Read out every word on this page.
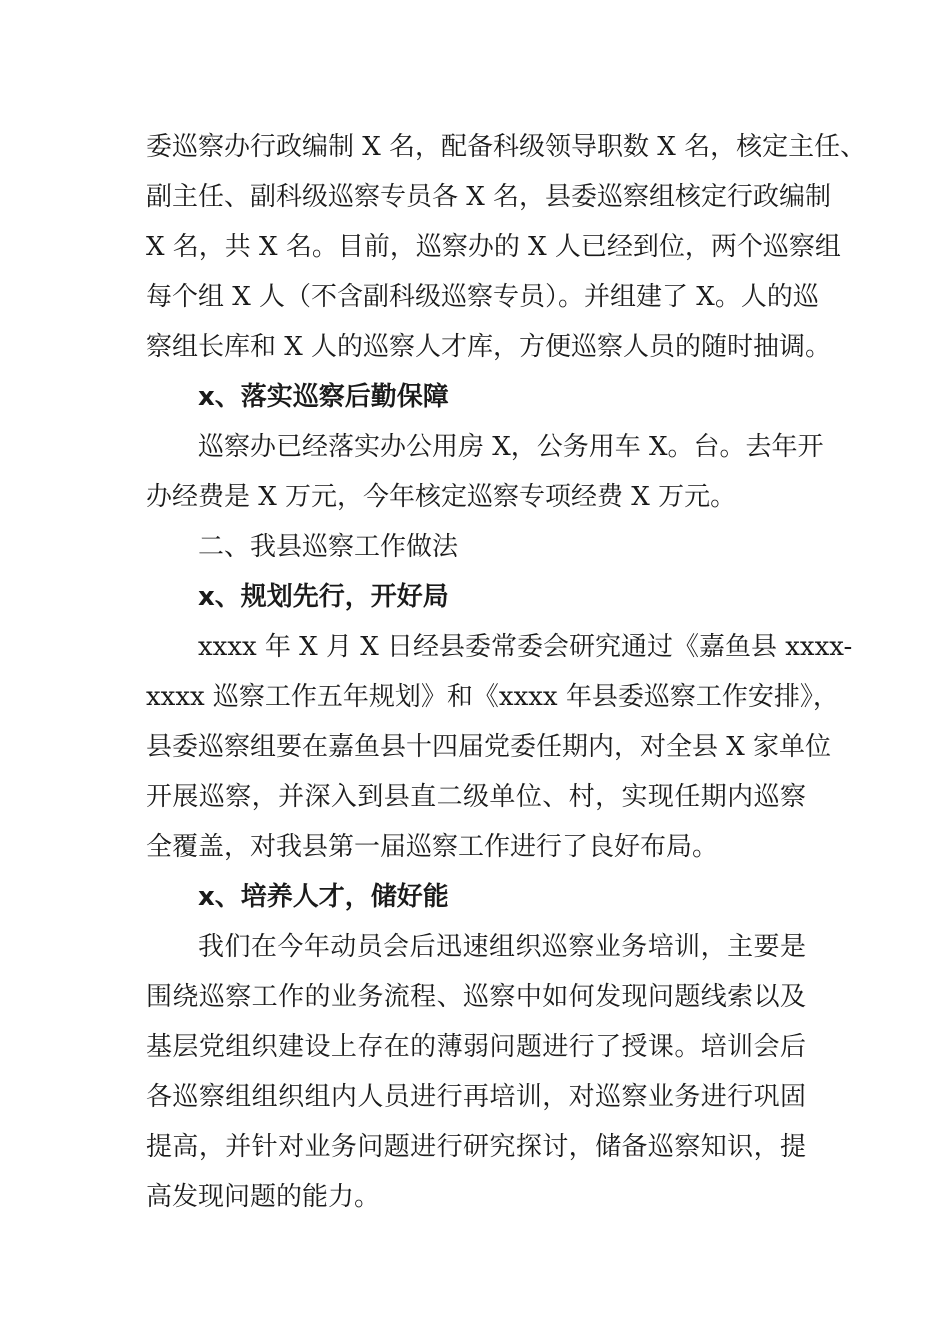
委巡察办行政编制 X 名，配备科级领导职数 X 名，核定主任、
副主任、副科级巡察专员各 X 名，县委巡察组核定行政编制
X 名，共 X 名。目前，巡察办的 X 人已经到位，两个巡察组
每个组 X 人（不含副科级巡察专员）。并组建了 X。人的巡
察组长库和 X 人的巡察人才库，方便巡察人员的随时抽调。
x、落实巡察后勤保障
巡察办已经落实办公用房 X，公务用车 X。台。去年开
办经费是 X 万元，今年核定巡察专项经费 X 万元。
二、我县巡察工作做法
x、规划先行，开好局
xxxx 年 X 月 X 日经县委常委会研究通过《嘉鱼县 xxxx-
xxxx 巡察工作五年规划》和《xxxx 年县委巡察工作安排》，
县委巡察组要在嘉鱼县十四届党委任期内，对全县 X 家单位
开展巡察，并深入到县直二级单位、村，实现任期内巡察
全覆盖，对我县第一届巡察工作进行了良好布局。
x、培养人才，储好能
我们在今年动员会后迅速组织巡察业务培训，主要是
围绕巡察工作的业务流程、巡察中如何发现问题线索以及
基层党组织建设上存在的薄弱问题进行了授课。培训会后
各巡察组组织组内人员进行再培训，对巡察业务进行巩固
提高，并针对业务问题进行研究探讨，储备巡察知识，提
高发现问题的能力。
